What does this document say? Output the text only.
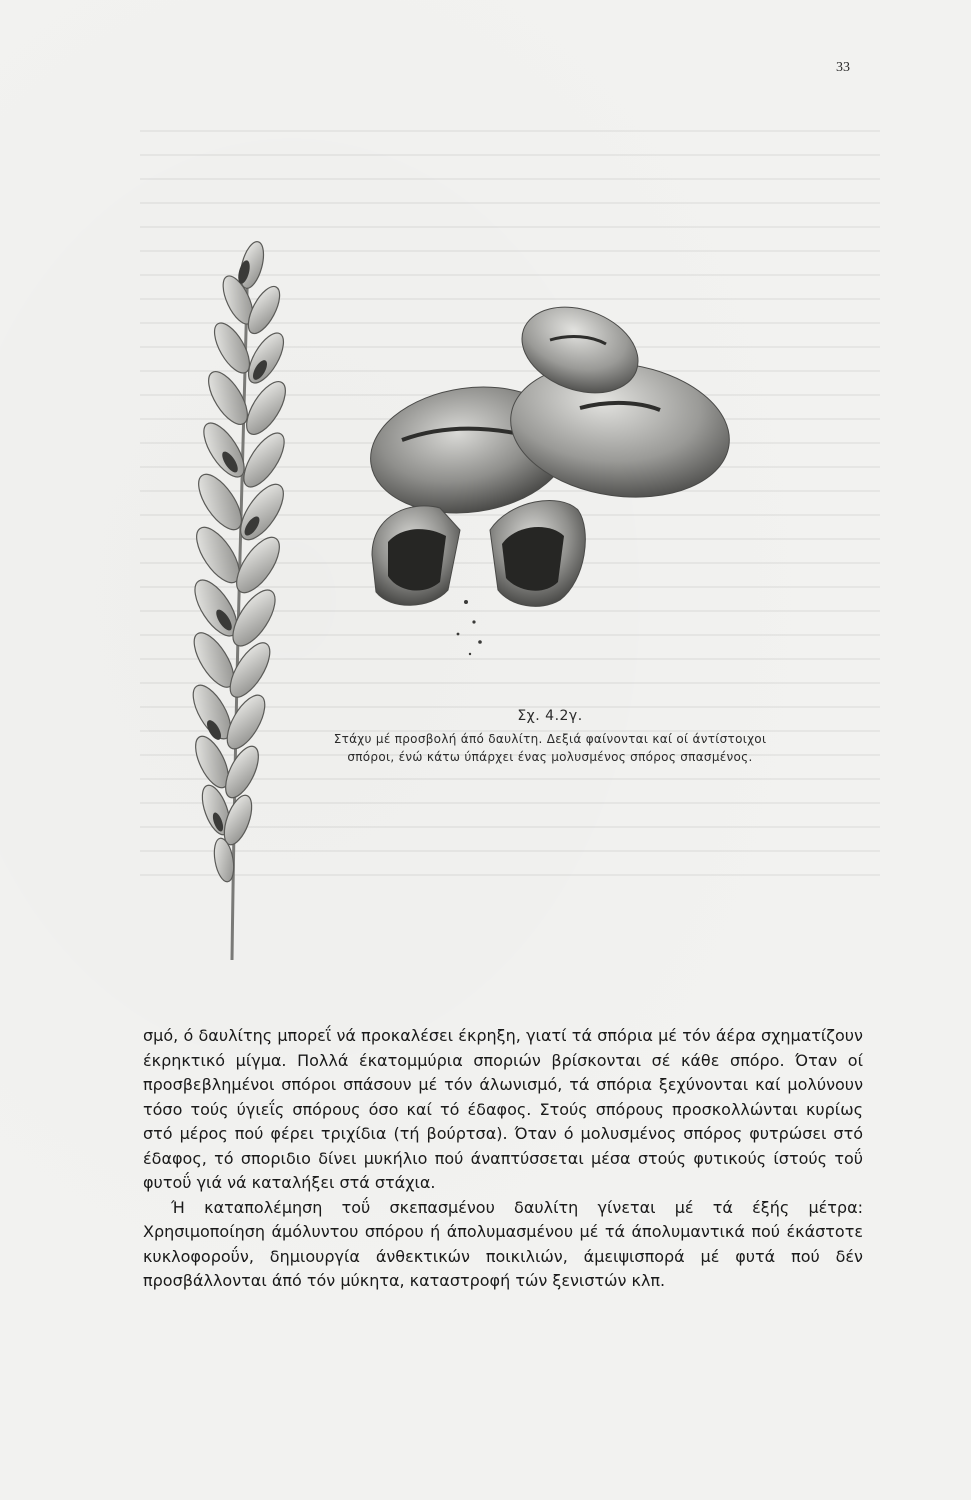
33
Σχ. 4.2γ.
Στάχυ μέ προσβολή άπό δαυλίτη. Δεξιά φαίνονται καί οί άντίστοιχοι σπόροι, ένώ κάτω ύπάρχει ένας μολυσμένος σπόρος σπασμένος.

σμό, ό δαυλίτης μπορεΐ νά προκαλέσει έκρηξη, γιατί τά σπόρια μέ τόν άέρα σχηματίζουν έκρηκτικό μίγμα. Πολλά έκατομμύρια σποριών βρίσκονται σέ κάθε σπόρο. Όταν οί προσβεβλημένοι σπόροι σπάσουν μέ τόν άλωνισμό, τά σπόρια ξεχύνονται καί μολύνουν τόσο τούς ύγιεΐς σπόρους όσο καί τό έδαφος. Στούς σπόρους προσκολλώνται κυρίως στό μέρος πού φέρει τριχίδια (τή βούρτσα). Όταν ό μολυσμένος σπόρος φυτρώσει στό έδαφος, τό σποριδιο δίνει μυκήλιο πού άναπτύσσεται μέσα στούς φυτικούς ίστούς τοΰ φυτοΰ γιά νά καταλήξει στά στάχια.

Ή καταπολέμηση τοΰ σκεπασμένου δαυλίτη γίνεται μέ τά έξής μέτρα: Χρησιμοποίηση άμόλυντου σπόρου ή άπολυμασμένου μέ τά άπολυμαντικά πού έκάστοτε κυκλοφοροΰν, δημιουργία άνθεκτικών ποικιλιών, άμειψισπορά μέ φυτά πού δέν προσβάλλονται άπό τόν μύκητα, καταστροφή τών ξενιστών κλπ.
